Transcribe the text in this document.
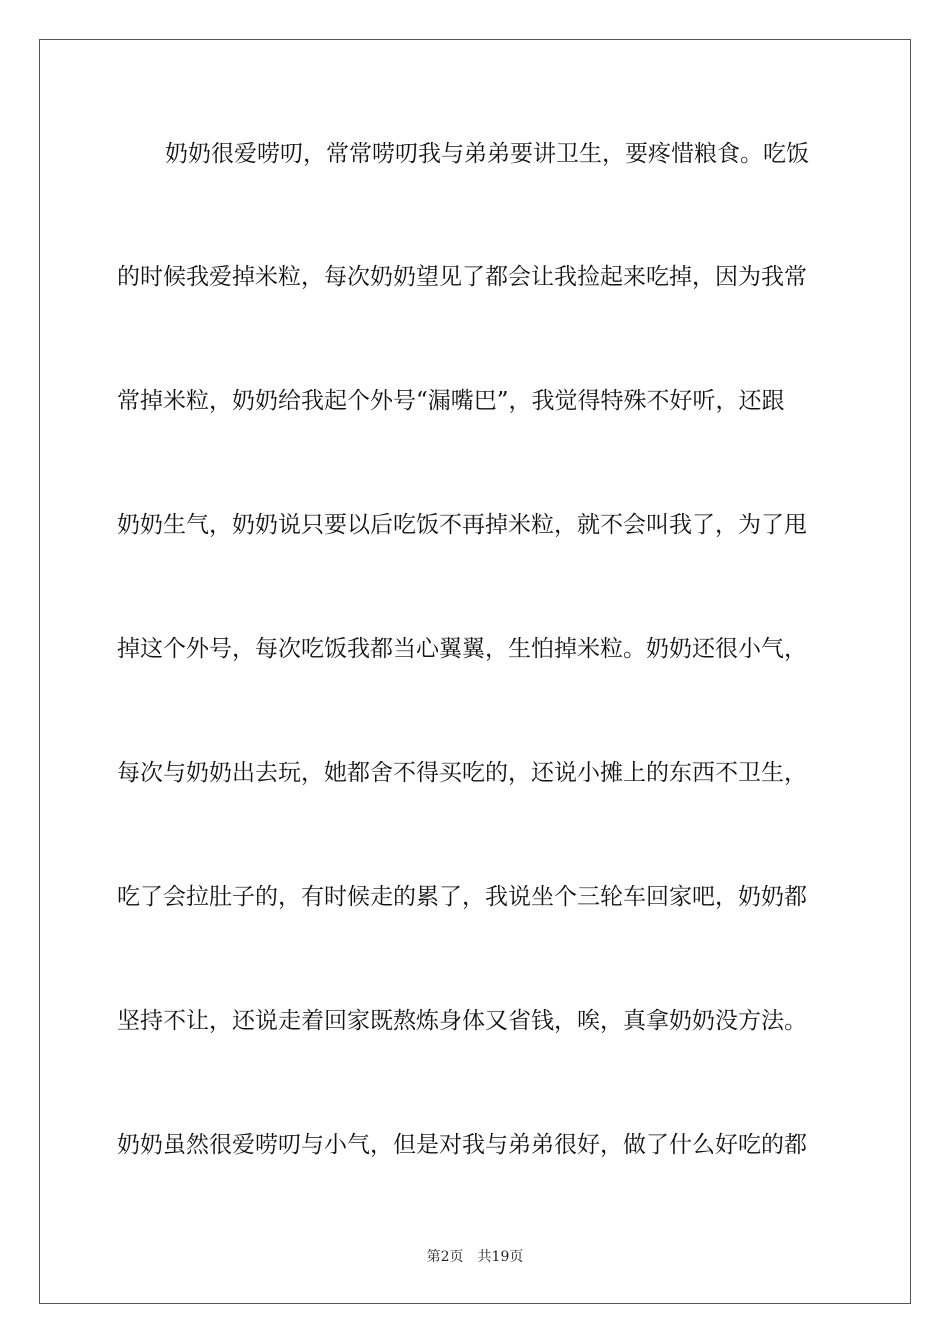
奶奶很爱唠叨，常常唠叨我与弟弟要讲卫生，要疼惜粮食。吃饭
的时候我爱掉米粒，每次奶奶望见了都会让我捡起来吃掉，因为我常
常掉米粒，奶奶给我起个外号“漏嘴巴”，我觉得特殊不好听，还跟
奶奶生气，奶奶说只要以后吃饭不再掉米粒，就不会叫我了，为了甩
掉这个外号，每次吃饭我都当心翼翼，生怕掉米粒。奶奶还很小气，
每次与奶奶出去玩，她都舍不得买吃的，还说小摊上的东西不卫生，
吃了会拉肚子的，有时候走的累了，我说坐个三轮车回家吧，奶奶都
坚持不让，还说走着回家既熬炼身体又省钱，唉，真拿奶奶没方法。
奶奶虽然很爱唠叨与小气，但是对我与弟弟很好，做了什么好吃的都
第2页 共19页
